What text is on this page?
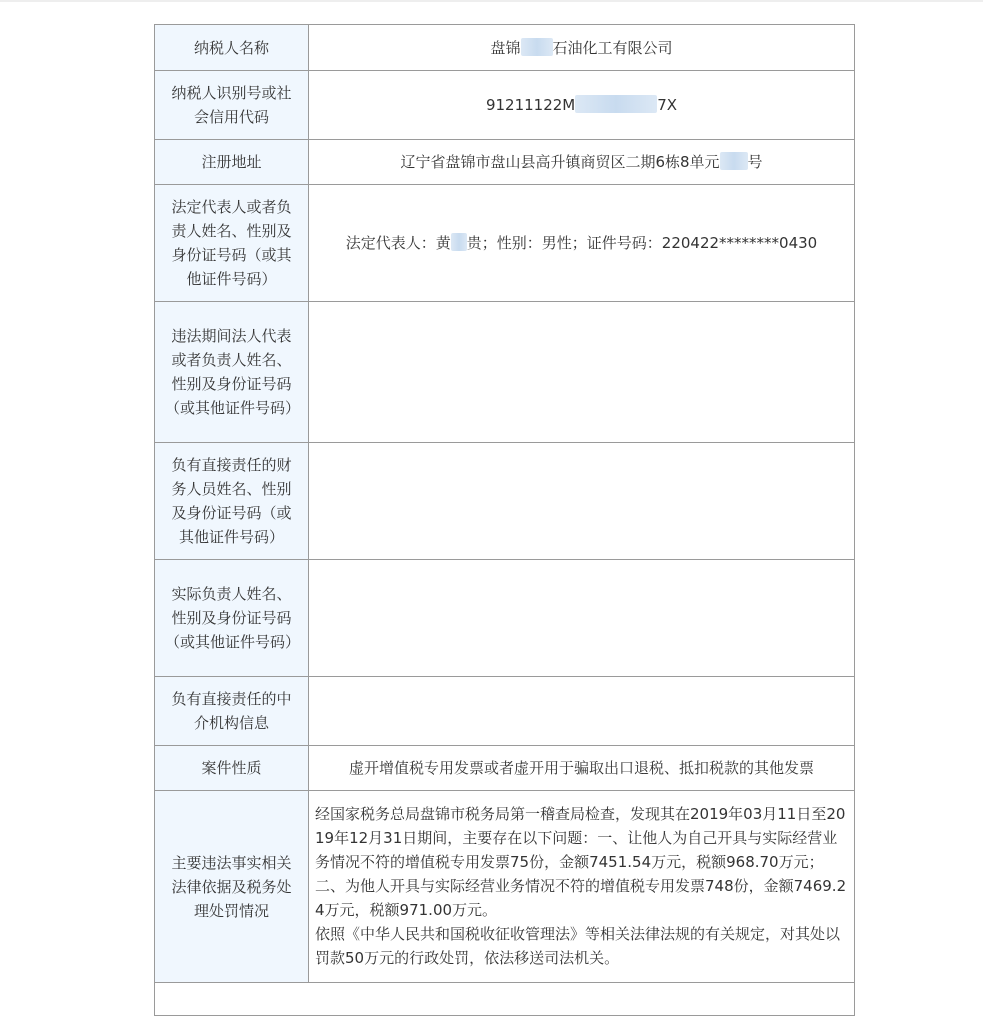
纳税人名称	盘锦 石油化工有限公司
纳税人识别号或社会信用代码	91211122M 7X
注册地址	辽宁省盘锦市盘山县高升镇商贸区二期6栋8单元 号
法定代表人或者负责人姓名、性别及身份证号码（或其他证件号码）	法定代表人：黄 贵；性别：男性；证件号码：220422********0430
违法期间法人代表或者负责人姓名、性别及身份证号码（或其他证件号码）	
负有直接责任的财务人员姓名、性别及身份证号码（或其他证件号码）	
实际负责人姓名、性别及身份证号码（或其他证件号码）	
负有直接责任的中介机构信息	
案件性质	虚开增值税专用发票或者虚开用于骗取出口退税、抵扣税款的其他发票
主要违法事实相关法律依据及税务处理处罚情况	经国家税务总局盘锦市税务局第一稽查局检查，发现其在2019年03月11日至2019年12月31日期间，主要存在以下问题：一、让他人为自己开具与实际经营业务情况不符的增值税专用发票75份，金额7451.54万元，税额968.70万元；二、为他人开具与实际经营业务情况不符的增值税专用发票748份，金额7469.24万元，税额971.00万元。
依照《中华人民共和国税收征收管理法》等相关法律法规的有关规定，对其处以罚款50万元的行政处罚，依法移送司法机关。
